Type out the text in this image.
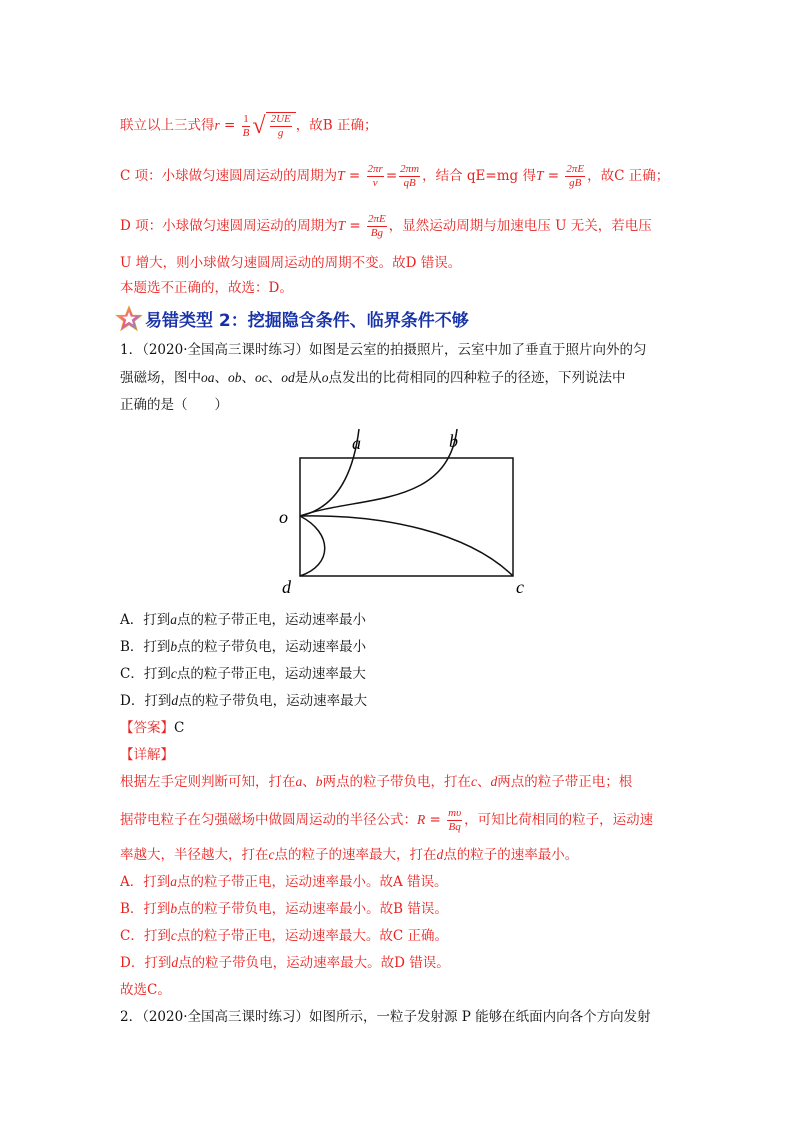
联立以上三式得$r = \frac{1}{B}$ √ $\frac{2UE}{g}$ ，故B 正确；
C 项：小球做匀速圆周运动的周期为$T = \frac{2\pi r}{v} = \frac{2\pi m}{qB}$ ，结合 qE=mg 得$T = \frac{2\pi E}{gB}$ ，故C 正确；
D 项：小球做匀速圆周运动的周期为$T = \frac{2\pi E}{Bg}$ ，显然运动周期与加速电压 U 无关，若电压
U 增大，则小球做匀速圆周运动的周期不变。故D 错误。
本题选不正确的，故选：D。
易错类型 2：挖掘隐含条件、临界条件不够
1．（2020·全国高三课时练习）如图是云室的拍摄照片，云室中加了垂直于照片向外的匀
强磁场，图中oa、ob、oc、od是从o点发出的比荷相同的四种粒子的径迹，下列说法中
正确的是（　　）
a	b
o
d	c
A．打到a点的粒子带正电，运动速率最小
B．打到b点的粒子带负电，运动速率最小
C．打到c点的粒子带正电，运动速率最大
D．打到d点的粒子带负电，运动速率最大
【答案】C
【详解】
根据左手定则判断可知，打在a、b两点的粒子带负电，打在c、d两点的粒子带正电；根
据带电粒子在匀强磁场中做圆周运动的半径公式：$R = \frac{m\upsilon}{Bq}$ ，可知比荷相同的粒子，运动速
率越大，半径越大，打在c点的粒子的速率最大，打在d点的粒子的速率最小。
A．打到a点的粒子带正电，运动速率最小。故A 错误。
B．打到b点的粒子带负电，运动速率最小。故B 错误。
C．打到c点的粒子带正电，运动速率最大。故C 正确。
D．打到d点的粒子带负电，运动速率最大。故D 错误。
故选C。
2．（2020·全国高三课时练习）如图所示，一粒子发射源 P 能够在纸面内向各个方向发射
